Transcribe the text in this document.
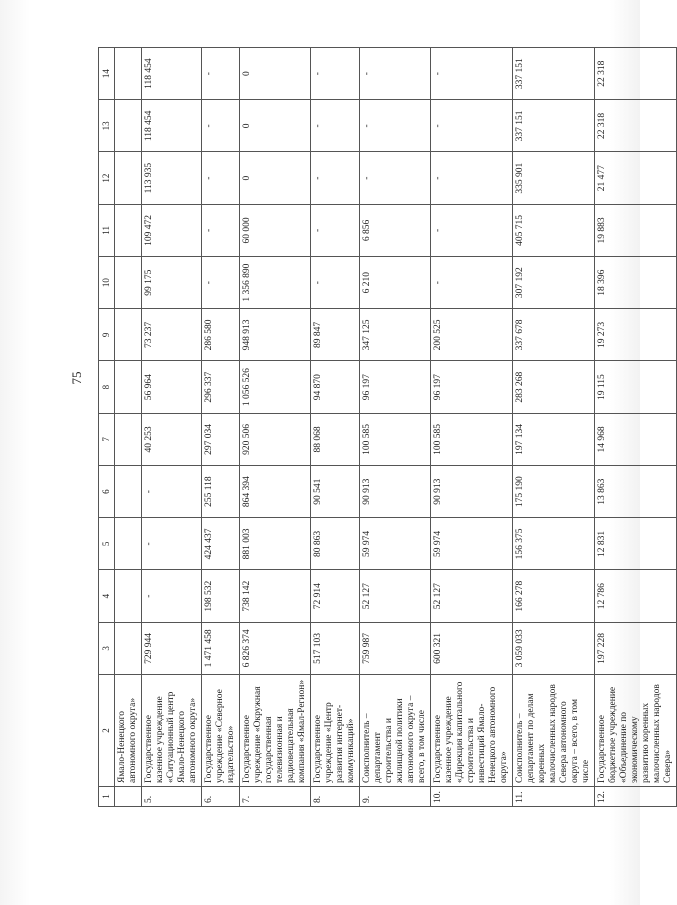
75
1	2	3	4	5	6	7	8	9	10	11	12	13	14
	Ямало-Ненецкого автономного округа»												
5.	Государственное казенное учреждение «Ситуационный центр Ямало-Ненецкого автономного округа»	729 944	-	-	-	40 253	56 964	73 237	99 175	109 472	113 935	118 454	118 454
6.	Государственное учреждение «Северное издательство»	1 471 458	198 532	424 437	255 118	297 034	296 337	286 580	-	-	-	-	-
7.	Государственное учреждение «Окружная государственная телевизионная и радиовещательная компания «Ямал-Регион»	6 826 374	738 142	881 003	864 394	920 506	1 056 526	948 913	1 356 890	60 000	0	0	0
8.	Государственное учреждение «Центр развития интернет-коммуникаций»	517 103	72 914	80 863	90 541	88 068	94 870	89 847	-	-	-	-	-
9.	Соисполнитель – департамент строительства и жилищной политики автономного округа – всего, в том числе	759 987	52 127	59 974	90 913	100 585	96 197	347 125	6 210	6 856	-	-	-
10.	Государственное казенное учреждение «Дирекция капитального строительства и инвестиций Ямало-Ненецкого автономного округа»	600 321	52 127	59 974	90 913	100 585	96 197	200 525	-	-	-	-	-
11.	Соисполнитель – департамент по делам коренных малочисленных народов Севера автономного округа – всего, в том числе	3 059 033	166 278	156 375	175 190	197 134	283 268	337 678	307 192	405 715	335 901	337 151	337 151
12.	Государственное бюджетное учреждение «Объединение по экономическому развитию коренных малочисленных народов Севера»	197 228	12 786	12 831	13 863	14 968	19 115	19 273	18 396	19 883	21 477	22 318	22 318
